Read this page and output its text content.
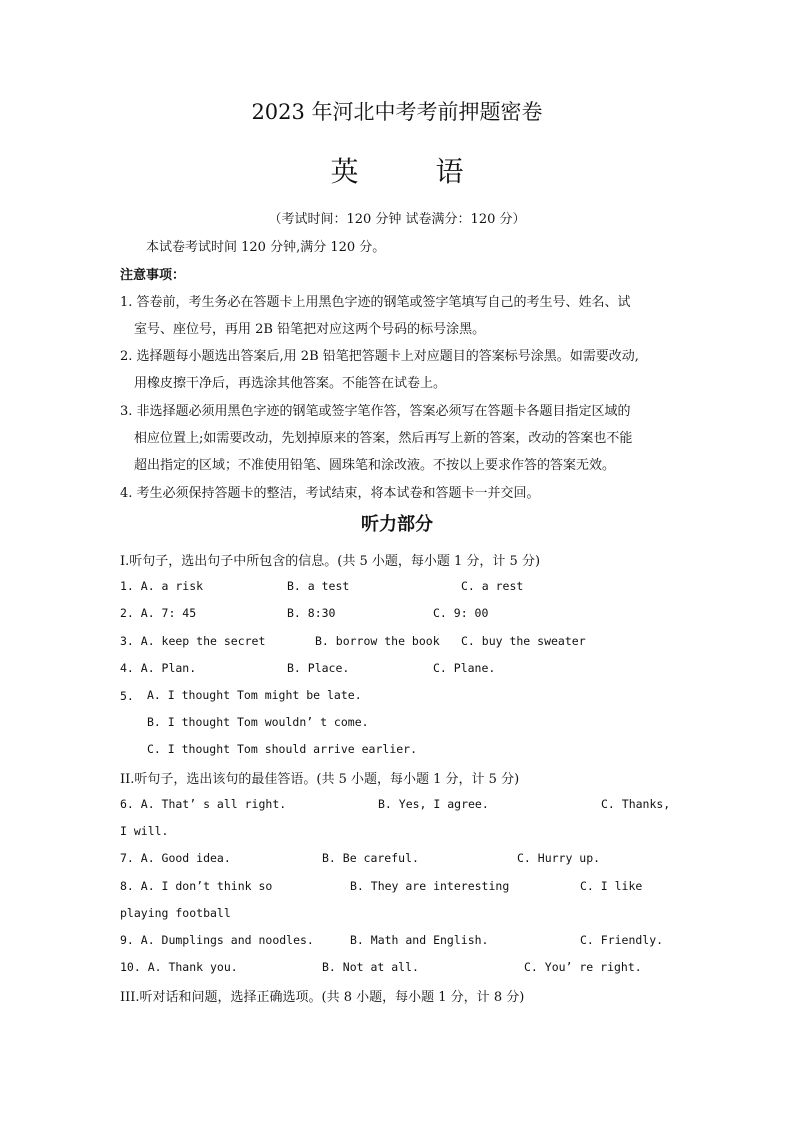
2023 年河北中考考前押题密卷
英 语
（考试时间：120 分钟 试卷满分：120 分）
本试卷考试时间 120 分钟,满分 120 分。
注意事项：
1. 答卷前，考生务必在答题卡上用黑色字迹的钢笔或签字笔填写自己的考生号、姓名、试
室号、座位号，再用 2B 铅笔把对应这两个号码的标号涂黑。
2. 选择题每小题选出答案后,用 2B 铅笔把答题卡上对应题目的答案标号涂黑。如需要改动,
用橡皮擦干净后，再选涂其他答案。不能答在试卷上。
3. 非选择题必须用黑色字迹的钢笔或签字笔作答，答案必须写在答题卡各题目指定区域的
相应位置上;如需要改动，先划掉原来的答案，然后再写上新的答案，改动的答案也不能
超出指定的区域；不准使用铅笔、圆珠笔和涂改液。不按以上要求作答的答案无效。
4. 考生必须保持答题卡的整洁，考试结束，将本试卷和答题卡一并交回。
听力部分
I.听句子，选出句子中所包含的信息。(共 5 小题，每小题 1 分，计 5 分)
1. A. a risk	B. a test	C. a rest
2. A. 7: 45	B. 8:30	C. 9: 00
3. A. keep the secret	B. borrow the book C. buy the sweater
4. A. Plan.	B. Place.	C. Plane.
5. A. I thought Tom might be late.
B. I thought Tom wouldn’ t come.
C. I thought Tom should arrive earlier.
II.听句子，选出该句的最佳答语。(共 5 小题，每小题 1 分，计 5 分)
6. A. That’ s all right.	B. Yes, I agree.	C. Thanks,
I will.
7. A. Good idea.	B. Be careful.	C. Hurry up.
8. A. I don’t think so	B. They are interesting	C. I like
playing football
9. A. Dumplings and noodles.	B. Math and English.	C. Friendly.
10. A. Thank you.	B. Not at all.	C. You’ re right.
III.听对话和问题，选择正确选项。(共 8 小题，每小题 1 分，计 8 分)
